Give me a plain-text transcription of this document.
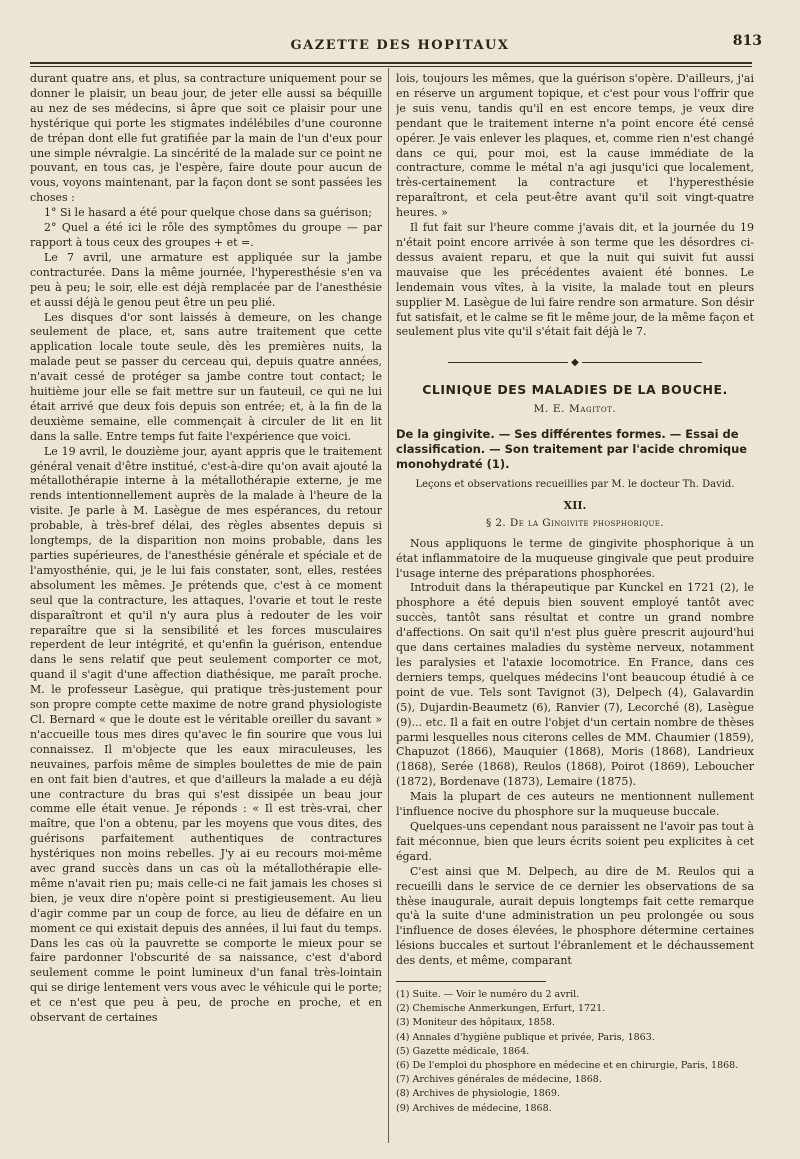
GAZETTE DES HOPITAUX	813

durant quatre ans, et plus, sa contracture uniquement pour se donner le plaisir, un beau jour, de jeter elle aussi sa béquille au nez de ses médecins, si âpre que soit ce plaisir pour une hystérique qui porte les stigmates indélébiles d'une couronne de trépan dont elle fut gratifiée par la main de l'un d'eux pour une simple névralgie. La sincérité de la malade sur ce point ne pouvant, en tous cas, je l'espère, faire doute pour aucun de vous, voyons maintenant, par la façon dont se sont passées les choses :

1° Si le hasard a été pour quelque chose dans sa guérison;

2° Quel a été ici le rôle des symptômes du groupe — par rapport à tous ceux des groupes + et =.

Le 7 avril, une armature est appliquée sur la jambe contracturée. Dans la même journée, l'hyperesthésie s'en va peu à peu; le soir, elle est déjà remplacée par de l'anesthésie et aussi déjà le genou peut être un peu plié.

Les disques d'or sont laissés à demeure, on les change seulement de place, et, sans autre traitement que cette application locale toute seule, dès les premières nuits, la malade peut se passer du cerceau qui, depuis quatre années, n'avait cessé de protéger sa jambe contre tout contact; le huitième jour elle se fait mettre sur un fauteuil, ce qui ne lui était arrivé que deux fois depuis son entrée; et, à la fin de la deuxième semaine, elle commençait à circuler de lit en lit dans la salle. Entre temps fut faite l'expérience que voici.

Le 19 avril, le douzième jour, ayant appris que le traitement général venait d'être institué, c'est-à-dire qu'on avait ajouté la métallothérapie interne à la métallothérapie externe, je me rends intentionnellement auprès de la malade à l'heure de la visite. Je parle à M. Lasègue de mes espérances, du retour probable, à très-bref délai, des règles absentes depuis si longtemps, de la disparition non moins probable, dans les parties supérieures, de l'anesthésie générale et spéciale et de l'amyosthénie, qui, je le lui fais constater, sont, elles, restées absolument les mêmes. Je prétends que, c'est à ce moment seul que la contracture, les attaques, l'ovarie et tout le reste disparaîtront et qu'il n'y aura plus à redouter de les voir reparaître que si la sensibilité et les forces musculaires reperdent de leur intégrité, et qu'enfin la guérison, entendue dans le sens relatif que peut seulement comporter ce mot, quand il s'agit d'une affection diathésique, me paraît proche. M. le professeur Lasègue, qui pratique très-justement pour son propre compte cette maxime de notre grand physiologiste Cl. Bernard « que le doute est le véritable oreiller du savant » n'accueille tous mes dires qu'avec le fin sourire que vous lui connaissez. Il m'objecte que les eaux miraculeuses, les neuvaines, parfois même de simples boulettes de mie de pain en ont fait bien d'autres, et que d'ailleurs la malade a eu déjà une contracture du bras qui s'est dissipée un beau jour comme elle était venue. Je réponds : « Il est très-vrai, cher maître, que l'on a obtenu, par les moyens que vous dites, des guérisons parfaitement authentiques de contractures hystériques non moins rebelles. J'y ai eu recours moi-même avec grand succès dans un cas où la métallothérapie elle-même n'avait rien pu; mais celle-ci ne fait jamais les choses si bien, je veux dire n'opère point si prestigieusement. Au lieu d'agir comme par un coup de force, au lieu de défaire en un moment ce qui existait depuis des années, il lui faut du temps. Dans les cas où la pauvrette se comporte le mieux pour se faire pardonner l'obscurité de sa naissance, c'est d'abord seulement comme le point lumineux d'un fanal très-lointain qui se dirige lentement vers vous avec le véhicule qui le porte; et ce n'est que peu à peu, de proche en proche, et en observant de certaines

lois, toujours les mêmes, que la guérison s'opère. D'ailleurs, j'ai en réserve un argument topique, et c'est pour vous l'offrir que je suis venu, tandis qu'il en est encore temps, je veux dire pendant que le traitement interne n'a point encore été censé opérer. Je vais enlever les plaques, et, comme rien n'est changé dans ce qui, pour moi, est la cause immédiate de la contracture, comme le métal n'a agi jusqu'ici que localement, très-certainement la contracture et l'hyperesthésie reparaîtront, et cela peut-être avant qu'il soit vingt-quatre heures. »

Il fut fait sur l'heure comme j'avais dit, et la journée du 19 n'était point encore arrivée à son terme que les désordres ci-dessus avaient reparu, et que la nuit qui suivit fut aussi mauvaise que les précédentes avaient été bonnes. Le lendemain vous vîtes, à la visite, la malade tout en pleurs supplier M. Lasègue de lui faire rendre son armature. Son désir fut satisfait, et le calme se fit le même jour, de la même façon et seulement plus vite qu'il s'était fait déjà le 7.

◆
CLINIQUE DES MALADIES DE LA BOUCHE.
M. E. Magitot.
De la gingivite. — Ses différentes formes. — Essai de classification. — Son traitement par l'acide chromique monohydraté (1).
Leçons et observations recueillies par M. le docteur Th. David.
XII.
§ 2. De la Gingivite phosphorique.

Nous appliquons le terme de gingivite phosphorique à un état inflammatoire de la muqueuse gingivale que peut produire l'usage interne des préparations phosphorées.

Introduit dans la thérapeutique par Kunckel en 1721 (2), le phosphore a été depuis bien souvent employé tantôt avec succès, tantôt sans résultat et contre un grand nombre d'affections. On sait qu'il n'est plus guère prescrit aujourd'hui que dans certaines maladies du système nerveux, notamment les paralysies et l'ataxie locomotrice. En France, dans ces derniers temps, quelques médecins l'ont beaucoup étudié à ce point de vue. Tels sont Tavignot (3), Delpech (4), Galavardin (5), Dujardin-Beaumetz (6), Ranvier (7), Lecorché (8), Lasègue (9)... etc. Il a fait en outre l'objet d'un certain nombre de thèses parmi lesquelles nous citerons celles de MM. Chaumier (1859), Chapuzot (1866), Mauquier (1868), Moris (1868), Landrieux (1868), Serée (1868), Reulos (1868), Poirot (1869), Leboucher (1872), Bordenave (1873), Lemaire (1875).

Mais la plupart de ces auteurs ne mentionnent nullement l'influence nocive du phosphore sur la muqueuse buccale.

Quelques-uns cependant nous paraissent ne l'avoir pas tout à fait méconnue, bien que leurs écrits soient peu explicites à cet égard.

C'est ainsi que M. Delpech, au dire de M. Reulos qui a recueilli dans le service de ce dernier les observations de sa thèse inaugurale, aurait depuis longtemps fait cette remarque qu'à la suite d'une administration un peu prolongée ou sous l'influence de doses élevées, le phosphore détermine certaines lésions buccales et surtout l'ébranlement et le déchaussement des dents, et même, comparant

(1) Suite. — Voir le numéro du 2 avril.
(2) Chemische Anmerkungen, Erfurt, 1721.
(3) Moniteur des hôpitaux, 1858.
(4) Annales d'hygiène publique et privée, Paris, 1863.
(5) Gazette médicale, 1864.
(6) De l'emploi du phosphore en médecine et en chirurgie, Paris, 1868.
(7) Archives générales de médecine, 1868.
(8) Archives de physiologie, 1869.
(9) Archives de médecine, 1868.
